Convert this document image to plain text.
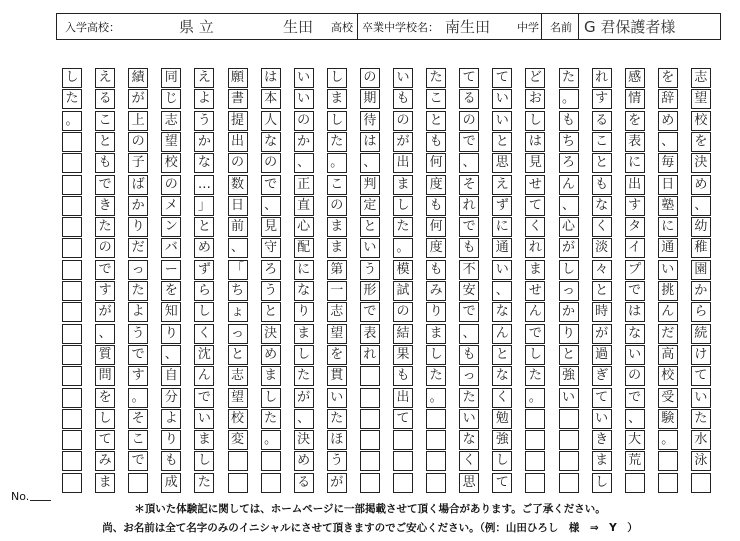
入学高校：	県 立	生田 高校 卒業中学校名： 南生田 中学 名前 G 君保護者様
志
望
校
を
決
め
、
幼
稚
園
か
ら
続
け
て
い
た
水
泳
を
辞
め
、
毎
日
塾
に
通
い
挑
ん
だ
高
校
受
験
。
感
情
を
表
に
出
す
タ
イ
プ
で
は
な
い
の
で
、
大
荒
れ
す
る
こ
と
も
な
く
淡
々
と
時
が
過
ぎ
て
い
き
ま
し
た
。
も
ち
ろ
ん
、
心
が
し
っ
か
り
と
強
い
ど
お
し
は
見
せ
て
く
れ
ま
せ
ん
で
し
た
。
て
い
い
と
思
え
ず
に
通
い
、
な
ん
と
な
く
勉
強
し
て
て
る
の
で
、
そ
れ
で
も
不
安
で
、
も
っ
た
い
な
く
思
た
こ
と
も
何
度
も
何
度
も
み
り
ま
し
た
。
い
も
の
が
出
ま
し
た
。
模
試
の
結
果
も
出
て
の
期
待
は
、
判
定
と
い
う
形
で
表
れ
し
ま
し
た
。
こ
の
ま
ま
第
一
志
望
を
貫
い
た
ほ
う
が
い
い
の
か
、
正
直
心
配
に
な
り
ま
し
た
が
、
決
め
る
は
本
人
な
の
で
、
見
守
ろ
う
と
決
め
ま
し
た
。
願
書
提
出
の
数
日
前
、
「
ち
ょ
っ
と
志
望
校
変
え
よ
う
か
な
…
」
と
め
ず
ら
し
く
沈
ん
で
い
ま
し
た
同
じ
志
望
校
の
メ
ン
バ
ー
を
知
り
、
自
分
よ
り
も
成
績
が
上
の
子
ば
か
り
だ
っ
た
よ
う
で
す
。
そ
こ
で
え
る
こ
と
も
で
き
た
の
で
す
が
、
質
問
を
し
て
み
ま
し
た
。
No.
＊頂いた体験記に関しては、ホームページに一部掲載させて頂く場合があります。ご了承ください。
尚、お名前は全て名字のみのイニシャルにさせて頂きますのでご安心ください。（例：山田ひろし　様　⇒　Y　）
